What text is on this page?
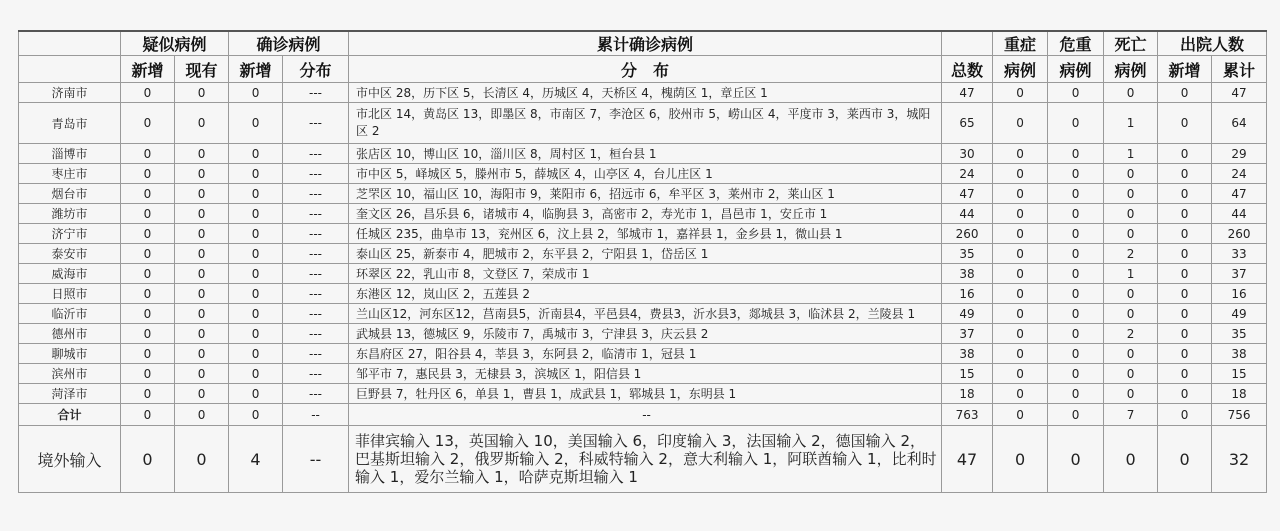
	疑似病例		确诊病例		累计确诊病例		重症	危重	死亡	出院人数	
	新增	现有	新增	分布	分　布	总数	病例	病例	病例	新增	累计
济南市	0	0	0	---	市中区 28，历下区 5，长清区 4，历城区 4，天桥区 4，槐荫区 1，章丘区 1	47	0	0	0	0	47
青岛市	0	0	0	---	市北区 14，黄岛区 13，即墨区 8，市南区 7，李沧区 6，胶州市 5，崂山区 4，平度市 3，莱西市 3，城阳区 2	65	0	0	1	0	64
淄博市	0	0	0	---	张店区 10，博山区 10，淄川区 8，周村区 1，桓台县 1	30	0	0	1	0	29
枣庄市	0	0	0	---	市中区 5，峄城区 5，滕州市 5，薛城区 4，山亭区 4，台儿庄区 1	24	0	0	0	0	24
烟台市	0	0	0	---	芝罘区 10，福山区 10，海阳市 9，莱阳市 6，招远市 6，牟平区 3，莱州市 2，莱山区 1	47	0	0	0	0	47
潍坊市	0	0	0	---	奎文区 26，昌乐县 6，诸城市 4，临朐县 3，高密市 2，寿光市 1，昌邑市 1，安丘市 1	44	0	0	0	0	44
济宁市	0	0	0	---	任城区 235，曲阜市 13，兖州区 6，汶上县 2，邹城市 1，嘉祥县 1，金乡县 1，微山县 1	260	0	0	0	0	260
泰安市	0	0	0	---	泰山区 25，新泰市 4，肥城市 2，东平县 2，宁阳县 1，岱岳区 1	35	0	0	2	0	33
威海市	0	0	0	---	环翠区 22，乳山市 8，文登区 7，荣成市 1	38	0	0	1	0	37
日照市	0	0	0	---	东港区 12，岚山区 2，五莲县 2	16	0	0	0	0	16
临沂市	0	0	0	---	兰山区12，河东区12，莒南县5，沂南县4，平邑县4，费县3，沂水县3，郯城县 3，临沭县 2，兰陵县 1	49	0	0	0	0	49
德州市	0	0	0	---	武城县 13，德城区 9，乐陵市 7，禹城市 3，宁津县 3，庆云县 2	37	0	0	2	0	35
聊城市	0	0	0	---	东昌府区 27，阳谷县 4，莘县 3，东阿县 2，临清市 1，冠县 1	38	0	0	0	0	38
滨州市	0	0	0	---	邹平市 7，惠民县 3，无棣县 3，滨城区 1，阳信县 1	15	0	0	0	0	15
菏泽市	0	0	0	---	巨野县 7，牡丹区 6，单县 1，曹县 1，成武县 1，郓城县 1，东明县 1	18	0	0	0	0	18
合计	0	0	0	--	--	763	0	0	7	0	756
境外输入	0	0	4	--	菲律宾输入 13，英国输入 10，美国输入 6，印度输入 3，法国输入 2，德国输入 2，巴基斯坦输入 2，俄罗斯输入 2，科威特输入 2，意大利输入 1，阿联酋输入 1，比利时输入 1，爱尔兰输入 1，哈萨克斯坦输入 1	47	0	0	0	0	32
